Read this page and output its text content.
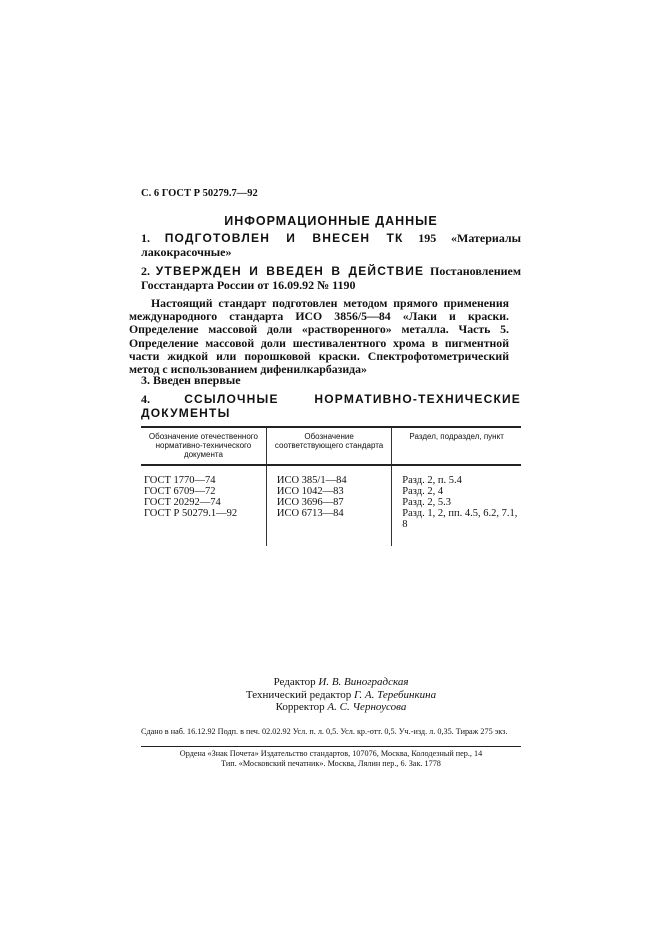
С. 6 ГОСТ Р 50279.7—92
ИНФОРМАЦИОННЫЕ ДАННЫЕ
1. ПОДГОТОВЛЕН И ВНЕСЕН ТК 195 «Материалы лакокрасочные»
2. УТВЕРЖДЕН И ВВЕДЕН В ДЕЙСТВИЕ Постановлением Госстандарта России от 16.09.92 № 1190
Настоящий стандарт подготовлен методом прямого применения международного стандарта ИСО 3856/5—84 «Лаки и краски. Определение массовой доли «растворенного» металла. Часть 5. Определение массовой доли шестивалентного хрома в пигментной части жидкой или порошковой краски. Спектрофотометрический метод с использованием дифенилкарбазида»
3. Введен впервые
4.	ССЫЛОЧНЫЕ НОРМАТИВНО-ТЕХНИЧЕСКИЕ ДОКУМЕНТЫ
Обозначение отечественного нормативно-технического документа	Обозначение соответствующего стандарта	Раздел, подраздел, пункт
ГОСТ 1770—74	ИСО 385/1—84	Разд. 2, п. 5.4
ГОСТ 6709—72	ИСО 1042—83	Разд. 2, 4
ГОСТ 20292—74	ИСО 3696—87	Разд. 2, 5.3
ГОСТ Р 50279.1—92	ИСО 6713—84	Разд. 1, 2, пп. 4.5, 6.2, 7.1, 8
Редактор И. В. Виноградская
Технический редактор Г. А. Теребинкина
Корректор А. С. Черноусова
Сдано в наб. 16.12.92 Подп. в печ. 02.02.92 Усл. п. л. 0,5. Усл. кр.-отт. 0,5. Уч.-изд. л. 0,35. Тираж 275 экз.
Ордена «Знак Почета» Издательство стандартов, 107076, Москва, Колодезный пер., 14
Тип. «Московский печатник». Москва, Лялин пер., 6. Зак. 1778
